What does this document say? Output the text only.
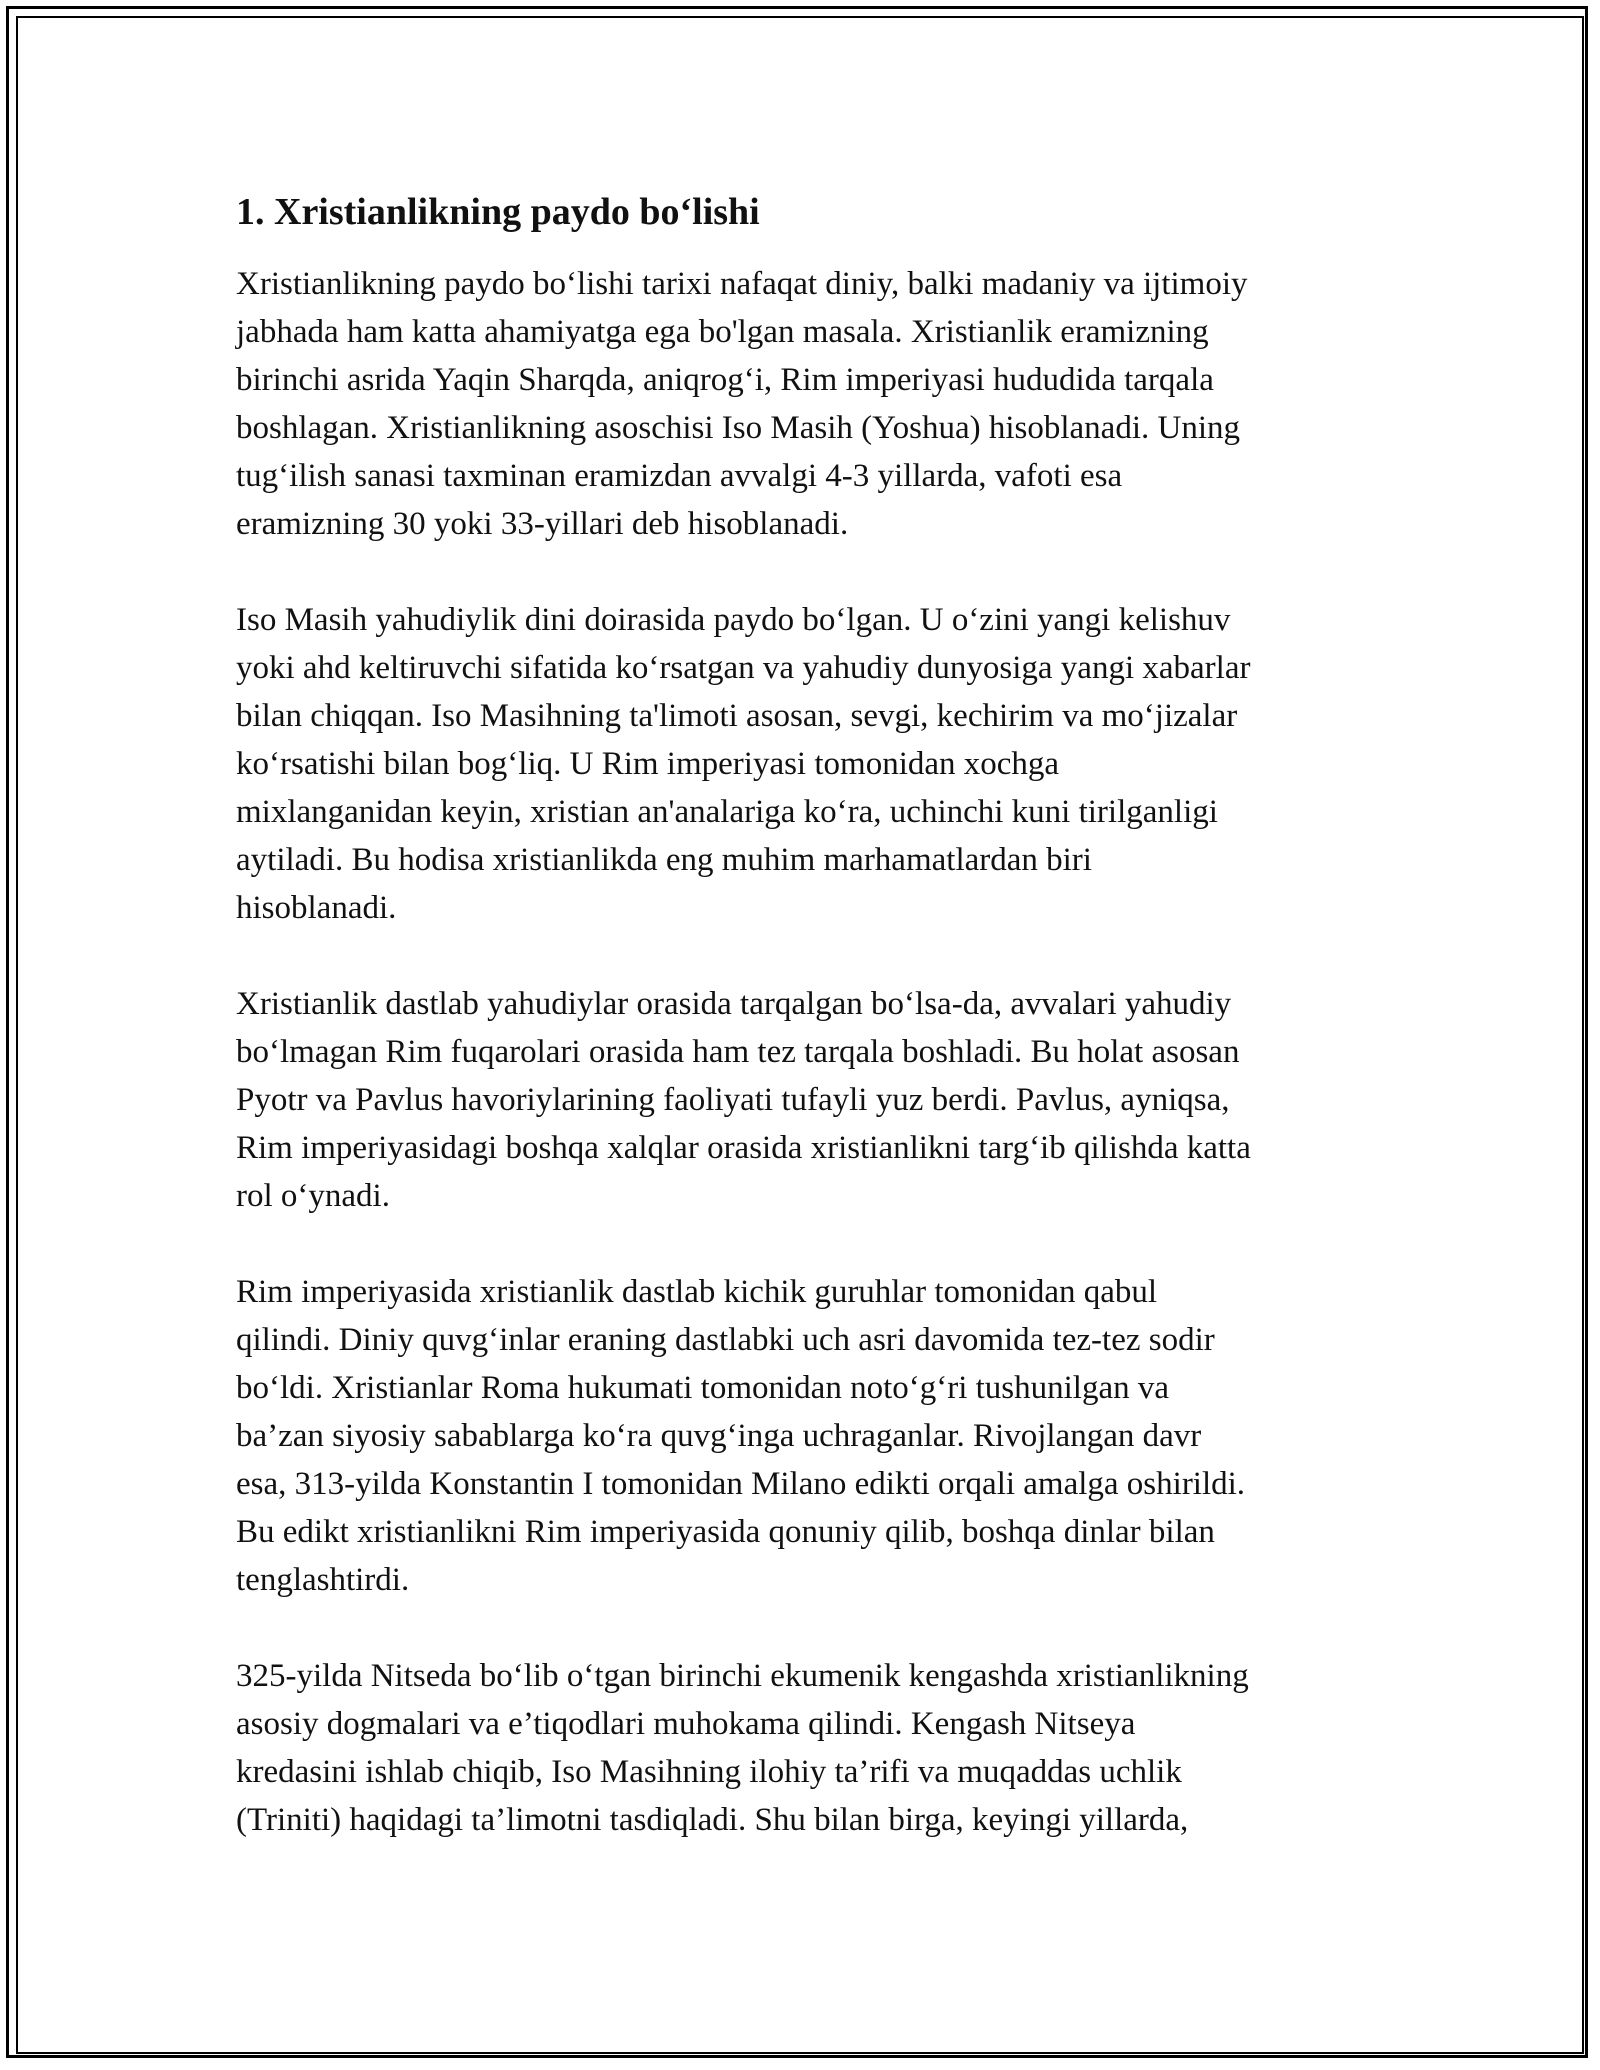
1. Xristianlikning paydo bo‘lishi
Xristianlikning paydo bo‘lishi tarixi nafaqat diniy, balki madaniy va ijtimoiy
jabhada ham katta ahamiyatga ega bo'lgan masala. Xristianlik eramizning
birinchi asrida Yaqin Sharqda, aniqrog‘i, Rim imperiyasi hududida tarqala
boshlagan. Xristianlikning asoschisi Iso Masih (Yoshua) hisoblanadi. Uning
tug‘ilish sanasi taxminan eramizdan avvalgi 4-3 yillarda, vafoti esa
eramizning 30 yoki 33-yillari deb hisoblanadi.
Iso Masih yahudiylik dini doirasida paydo bo‘lgan. U o‘zini yangi kelishuv
yoki ahd keltiruvchi sifatida ko‘rsatgan va yahudiy dunyosiga yangi xabarlar
bilan chiqqan. Iso Masihning ta'limoti asosan, sevgi, kechirim va mo‘jizalar
ko‘rsatishi bilan bog‘liq. U Rim imperiyasi tomonidan xochga
mixlanganidan keyin, xristian an'analariga ko‘ra, uchinchi kuni tirilganligi
aytiladi. Bu hodisa xristianlikda eng muhim marhamatlardan biri
hisoblanadi.
Xristianlik dastlab yahudiylar orasida tarqalgan bo‘lsa-da, avvalari yahudiy
bo‘lmagan Rim fuqarolari orasida ham tez tarqala boshladi. Bu holat asosan
Pyotr va Pavlus havoriylarining faoliyati tufayli yuz berdi. Pavlus, ayniqsa,
Rim imperiyasidagi boshqa xalqlar orasida xristianlikni targ‘ib qilishda katta
rol o‘ynadi.
Rim imperiyasida xristianlik dastlab kichik guruhlar tomonidan qabul
qilindi. Diniy quvg‘inlar eraning dastlabki uch asri davomida tez-tez sodir
bo‘ldi. Xristianlar Roma hukumati tomonidan noto‘g‘ri tushunilgan va
ba’zan siyosiy sabablarga ko‘ra quvg‘inga uchraganlar. Rivojlangan davr
esa, 313-yilda Konstantin I tomonidan Milano edikti orqali amalga oshirildi.
Bu edikt xristianlikni Rim imperiyasida qonuniy qilib, boshqa dinlar bilan
tenglashtirdi.
325-yilda Nitseda bo‘lib o‘tgan birinchi ekumenik kengashda xristianlikning
asosiy dogmalari va e’tiqodlari muhokama qilindi. Kengash Nitseya
kredasini ishlab chiqib, Iso Masihning ilohiy ta’rifi va muqaddas uchlik
(Triniti) haqidagi ta’limotni tasdiqladi. Shu bilan birga, keyingi yillarda,
